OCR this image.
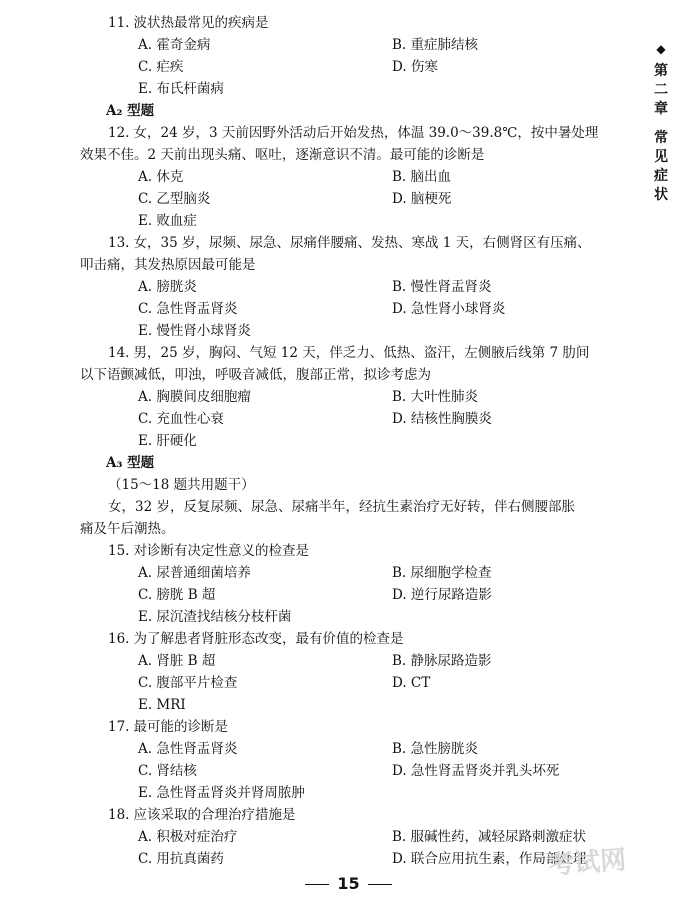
11. 波状热最常见的疾病是
A. 霍奇金病	B. 重症肺结核
C. 疟疾	D. 伤寒
E. 布氏杆菌病
A₂ 型题
12. 女，24 岁，3 天前因野外活动后开始发热，体温 39.0～39.8℃，按中暑处理
效果不佳。2 天前出现头痛、呕吐，逐渐意识不清。最可能的诊断是
A. 休克	B. 脑出血
C. 乙型脑炎	D. 脑梗死
E. 败血症
13. 女，35 岁，尿频、尿急、尿痛伴腰痛、发热、寒战 1 天，右侧肾区有压痛、
叩击痛，其发热原因最可能是
A. 膀胱炎	B. 慢性肾盂肾炎
C. 急性肾盂肾炎	D. 急性肾小球肾炎
E. 慢性肾小球肾炎
14. 男，25 岁，胸闷、气短 12 天，伴乏力、低热、盗汗，左侧腋后线第 7 肋间
以下语颤减低，叩浊，呼吸音减低，腹部正常，拟诊考虑为
A. 胸膜间皮细胞瘤	B. 大叶性肺炎
C. 充血性心衰	D. 结核性胸膜炎
E. 肝硬化
A₃ 型题
（15～18 题共用题干）
女，32 岁，反复尿频、尿急、尿痛半年，经抗生素治疗无好转，伴右侧腰部胀
痛及午后潮热。
15. 对诊断有决定性意义的检查是
A. 尿普通细菌培养	B. 尿细胞学检查
C. 膀胱 B 超	D. 逆行尿路造影
E. 尿沉渣找结核分枝杆菌
16. 为了解患者肾脏形态改变，最有价值的检查是
A. 肾脏 B 超	B. 静脉尿路造影
C. 腹部平片检查	D. CT
E. MRI
17. 最可能的诊断是
A. 急性肾盂肾炎	B. 急性膀胱炎
C. 肾结核	D. 急性肾盂肾炎并乳头坏死
E. 急性肾盂肾炎并肾周脓肿
18. 应该采取的合理治疗措施是
A. 积极对症治疗	B. 服碱性药，减轻尿路刺激症状
C. 用抗真菌药	D. 联合应用抗生素，作局部处理
◆
第
二
章
常
见
症
状
15
考试网
